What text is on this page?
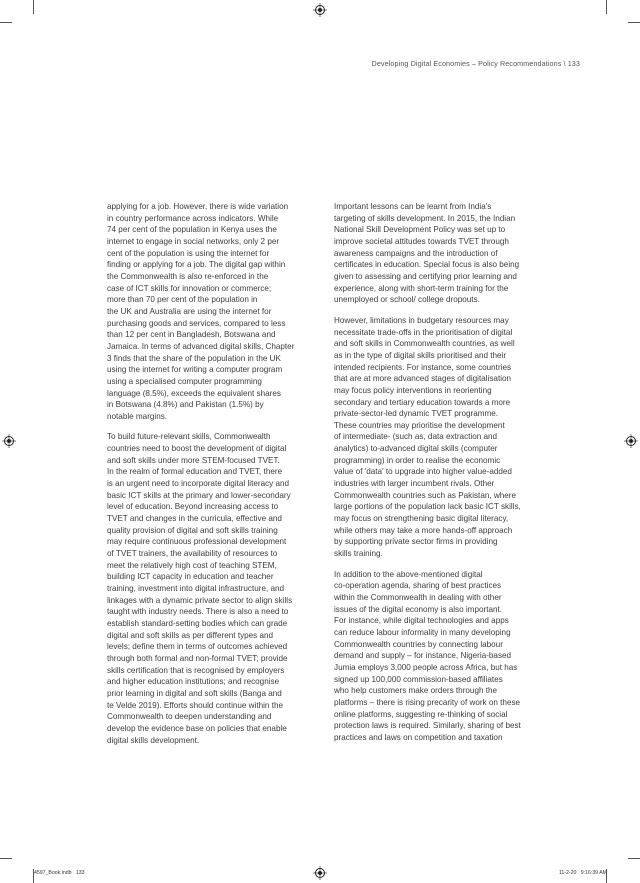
Developing Digital Economies – Policy Recommendations \ 133

applying for a job. However, there is wide variation
in country performance across indicators. While
74 per cent of the population in Kenya uses the
internet to engage in social networks, only 2 per
cent of the population is using the internet for
finding or applying for a job. The digital gap within
the Commonwealth is also re-enforced in the
case of ICT skills for innovation or commerce;
more than 70 per cent of the population in
the UK and Australia are using the internet for
purchasing goods and services, compared to less
than 12 per cent in Bangladesh, Botswana and
Jamaica. In terms of advanced digital skills, Chapter
3 finds that the share of the population in the UK
using the internet for writing a computer program
using a specialised computer programming
language (8.5%), exceeds the equivalent shares
in Botswana (4.8%) and Pakistan (1.5%) by
notable margins.

To build future-relevant skills, Commonwealth
countries need to boost the development of digital
and soft skills under more STEM-focused TVET.
In the realm of formal education and TVET, there
is an urgent need to incorporate digital literacy and
basic ICT skills at the primary and lower-secondary
level of education. Beyond increasing access to
TVET and changes in the curricula, effective and
quality provision of digital and soft skills training
may require continuous professional development
of TVET trainers, the availability of resources to
meet the relatively high cost of teaching STEM,
building ICT capacity in education and teacher
training, investment into digital infrastructure, and
linkages with a dynamic private sector to align skills
taught with industry needs. There is also a need to
establish standard-setting bodies which can grade
digital and soft skills as per different types and
levels; define them in terms of outcomes achieved
through both formal and non-formal TVET; provide
skills certification that is recognised by employers
and higher education institutions; and recognise
prior learning in digital and soft skills (Banga and
te Velde 2019). Efforts should continue within the
Commonwealth to deepen understanding and
develop the evidence base on policies that enable
digital skills development.

Important lessons can be learnt from India's
targeting of skills development. In 2015, the Indian
National Skill Development Policy was set up to
improve societal attitudes towards TVET through
awareness campaigns and the introduction of
certificates in education. Special focus is also being
given to assessing and certifying prior learning and
experience, along with short-term training for the
unemployed or school/ college dropouts.

However, limitations in budgetary resources may
necessitate trade-offs in the prioritisation of digital
and soft skills in Commonwealth countries, as well
as in the type of digital skills prioritised and their
intended recipients. For instance, some countries
that are at more advanced stages of digitalisation
may focus policy interventions in reorienting
secondary and tertiary education towards a more
private-sector-led dynamic TVET programme.
These countries may prioritise the development
of intermediate- (such as, data extraction and
analytics) to-advanced digital skills (computer
programming) in order to realise the economic
value of 'data' to upgrade into higher value-added
industries with larger incumbent rivals. Other
Commonwealth countries such as Pakistan, where
large portions of the population lack basic ICT skills,
may focus on strengthening basic digital literacy,
while others may take a more hands-off approach
by supporting private sector firms in providing
skills training.

In addition to the above-mentioned digital
co-operation agenda, sharing of best practices
within the Commonwealth in dealing with other
issues of the digital economy is also important.
For instance, while digital technologies and apps
can reduce labour informality in many developing
Commonwealth countries by connecting labour
demand and supply – for instance, Nigeria-based
Jumia employs 3,000 people across Africa, but has
signed up 100,000 commission-based affiliates
who help customers make orders through the
platforms – there is rising precarity of work on these
online platforms, suggesting re-thinking of social
protection laws is required. Similarly, sharing of best
practices and laws on competition and taxation

4597_Book.indb   133	11-2-20   9:16:39 AM
